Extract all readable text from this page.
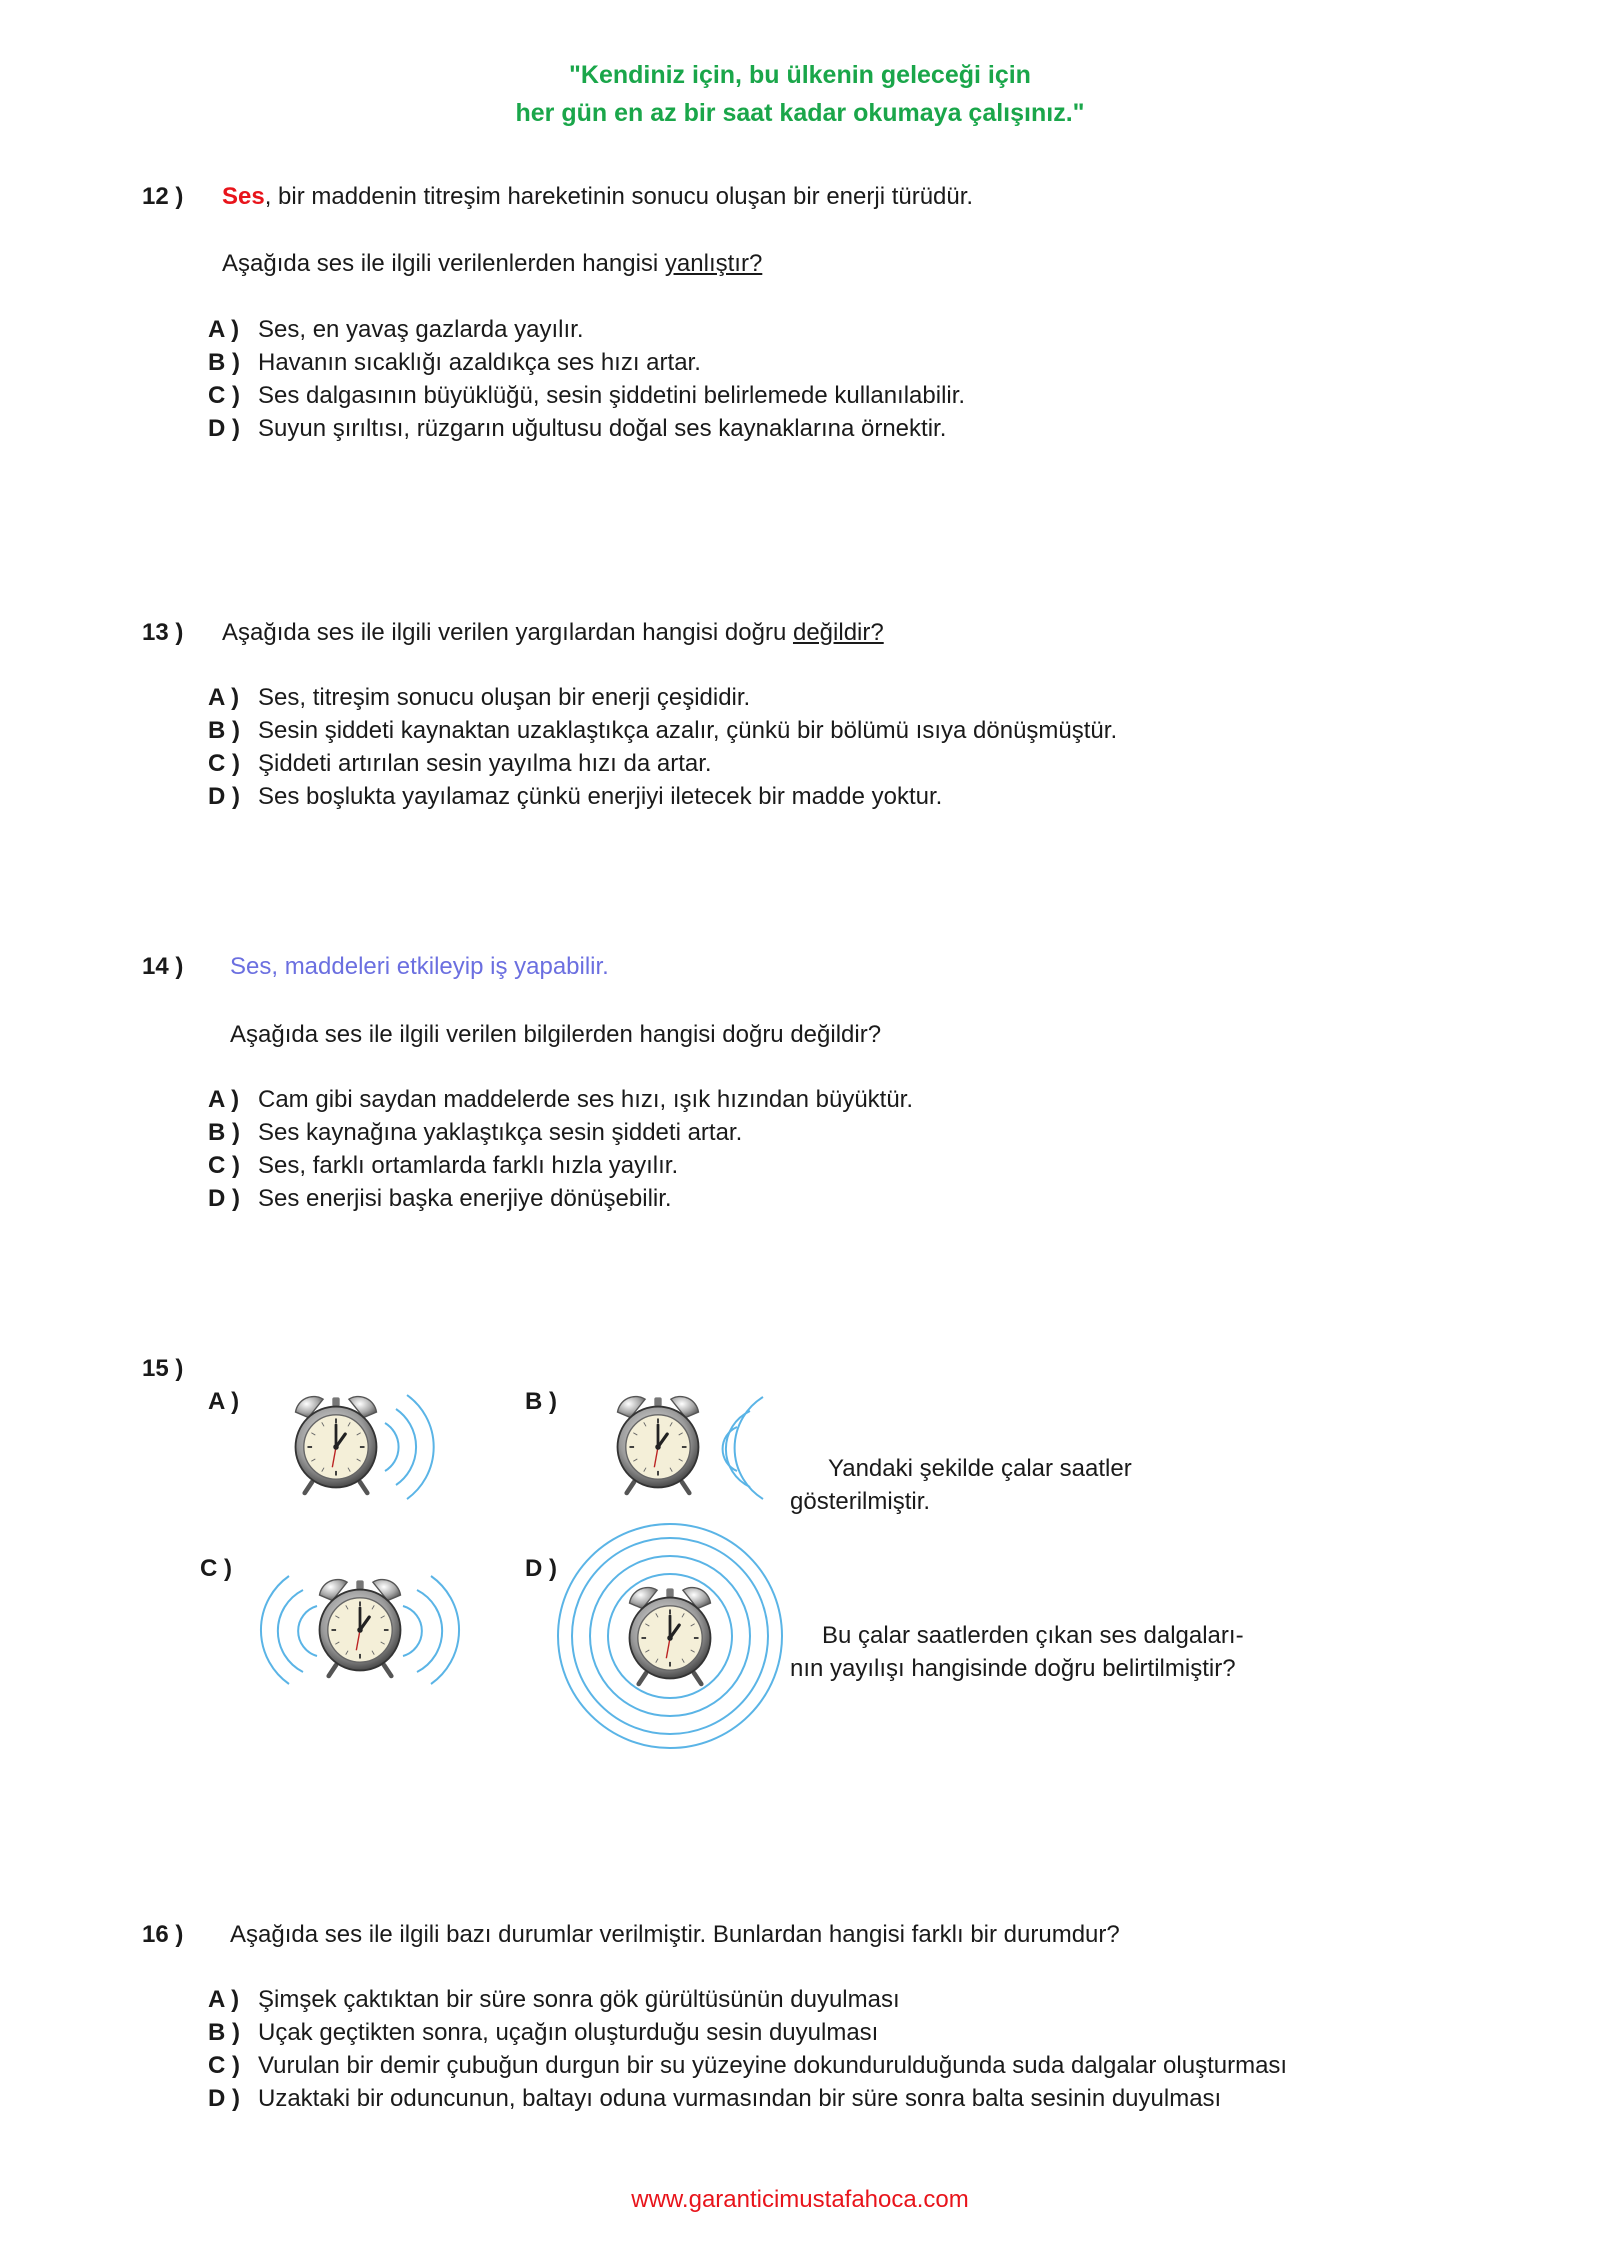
"Kendiniz için, bu ülkenin geleceği için
her gün en az bir saat kadar okumaya çalışınız."
12 ) Ses, bir maddenin titreşim hareketinin sonucu oluşan bir enerji türüdür.
Aşağıda ses ile ilgili verilenlerden hangisi yanlıştır?
A ) Ses, en yavaş gazlarda yayılır.
B ) Havanın sıcaklığı azaldıkça ses hızı artar.
C ) Ses dalgasının büyüklüğü, sesin şiddetini belirlemede kullanılabilir.
D ) Suyun şırıltısı, rüzgarın uğultusu doğal ses kaynaklarına örnektir.
13 ) Aşağıda ses ile ilgili verilen yargılardan hangisi doğru değildir?
A ) Ses, titreşim sonucu oluşan bir enerji çeşididir.
B ) Sesin şiddeti kaynaktan uzaklaştıkça azalır, çünkü bir bölümü ısıya dönüşmüştür.
C ) Şiddeti artırılan sesin yayılma hızı da artar.
D ) Ses boşlukta yayılamaz çünkü enerjiyi iletecek bir madde yoktur.
14 ) Ses, maddeleri etkileyip iş yapabilir.
Aşağıda ses ile ilgili verilen bilgilerden hangisi doğru değildir?
A ) Cam gibi saydan maddelerde ses hızı, ışık hızından büyüktür.
B ) Ses kaynağına yaklaştıkça sesin şiddeti artar.
C ) Ses, farklı ortamlarda farklı hızla yayılır.
D ) Ses enerjisi başka enerjiye dönüşebilir.
15 )
A )	B )
C )	D )
Yandaki şekilde çalar saatler
gösterilmiştir.
Bu çalar saatlerden çıkan ses dalgaları-
nın yayılışı hangisinde doğru belirtilmiştir?
16 ) Aşağıda ses ile ilgili bazı durumlar verilmiştir. Bunlardan hangisi farklı bir durumdur?
A ) Şimşek çaktıktan bir süre sonra gök gürültüsünün duyulması
B ) Uçak geçtikten sonra, uçağın oluşturduğu sesin duyulması
C ) Vurulan bir demir çubuğun durgun bir su yüzeyine dokundurulduğunda suda dalgalar oluşturması
D ) Uzaktaki bir oduncunun, baltayı oduna vurmasından bir süre sonra balta sesinin duyulması
www.garanticimustafahoca.com
